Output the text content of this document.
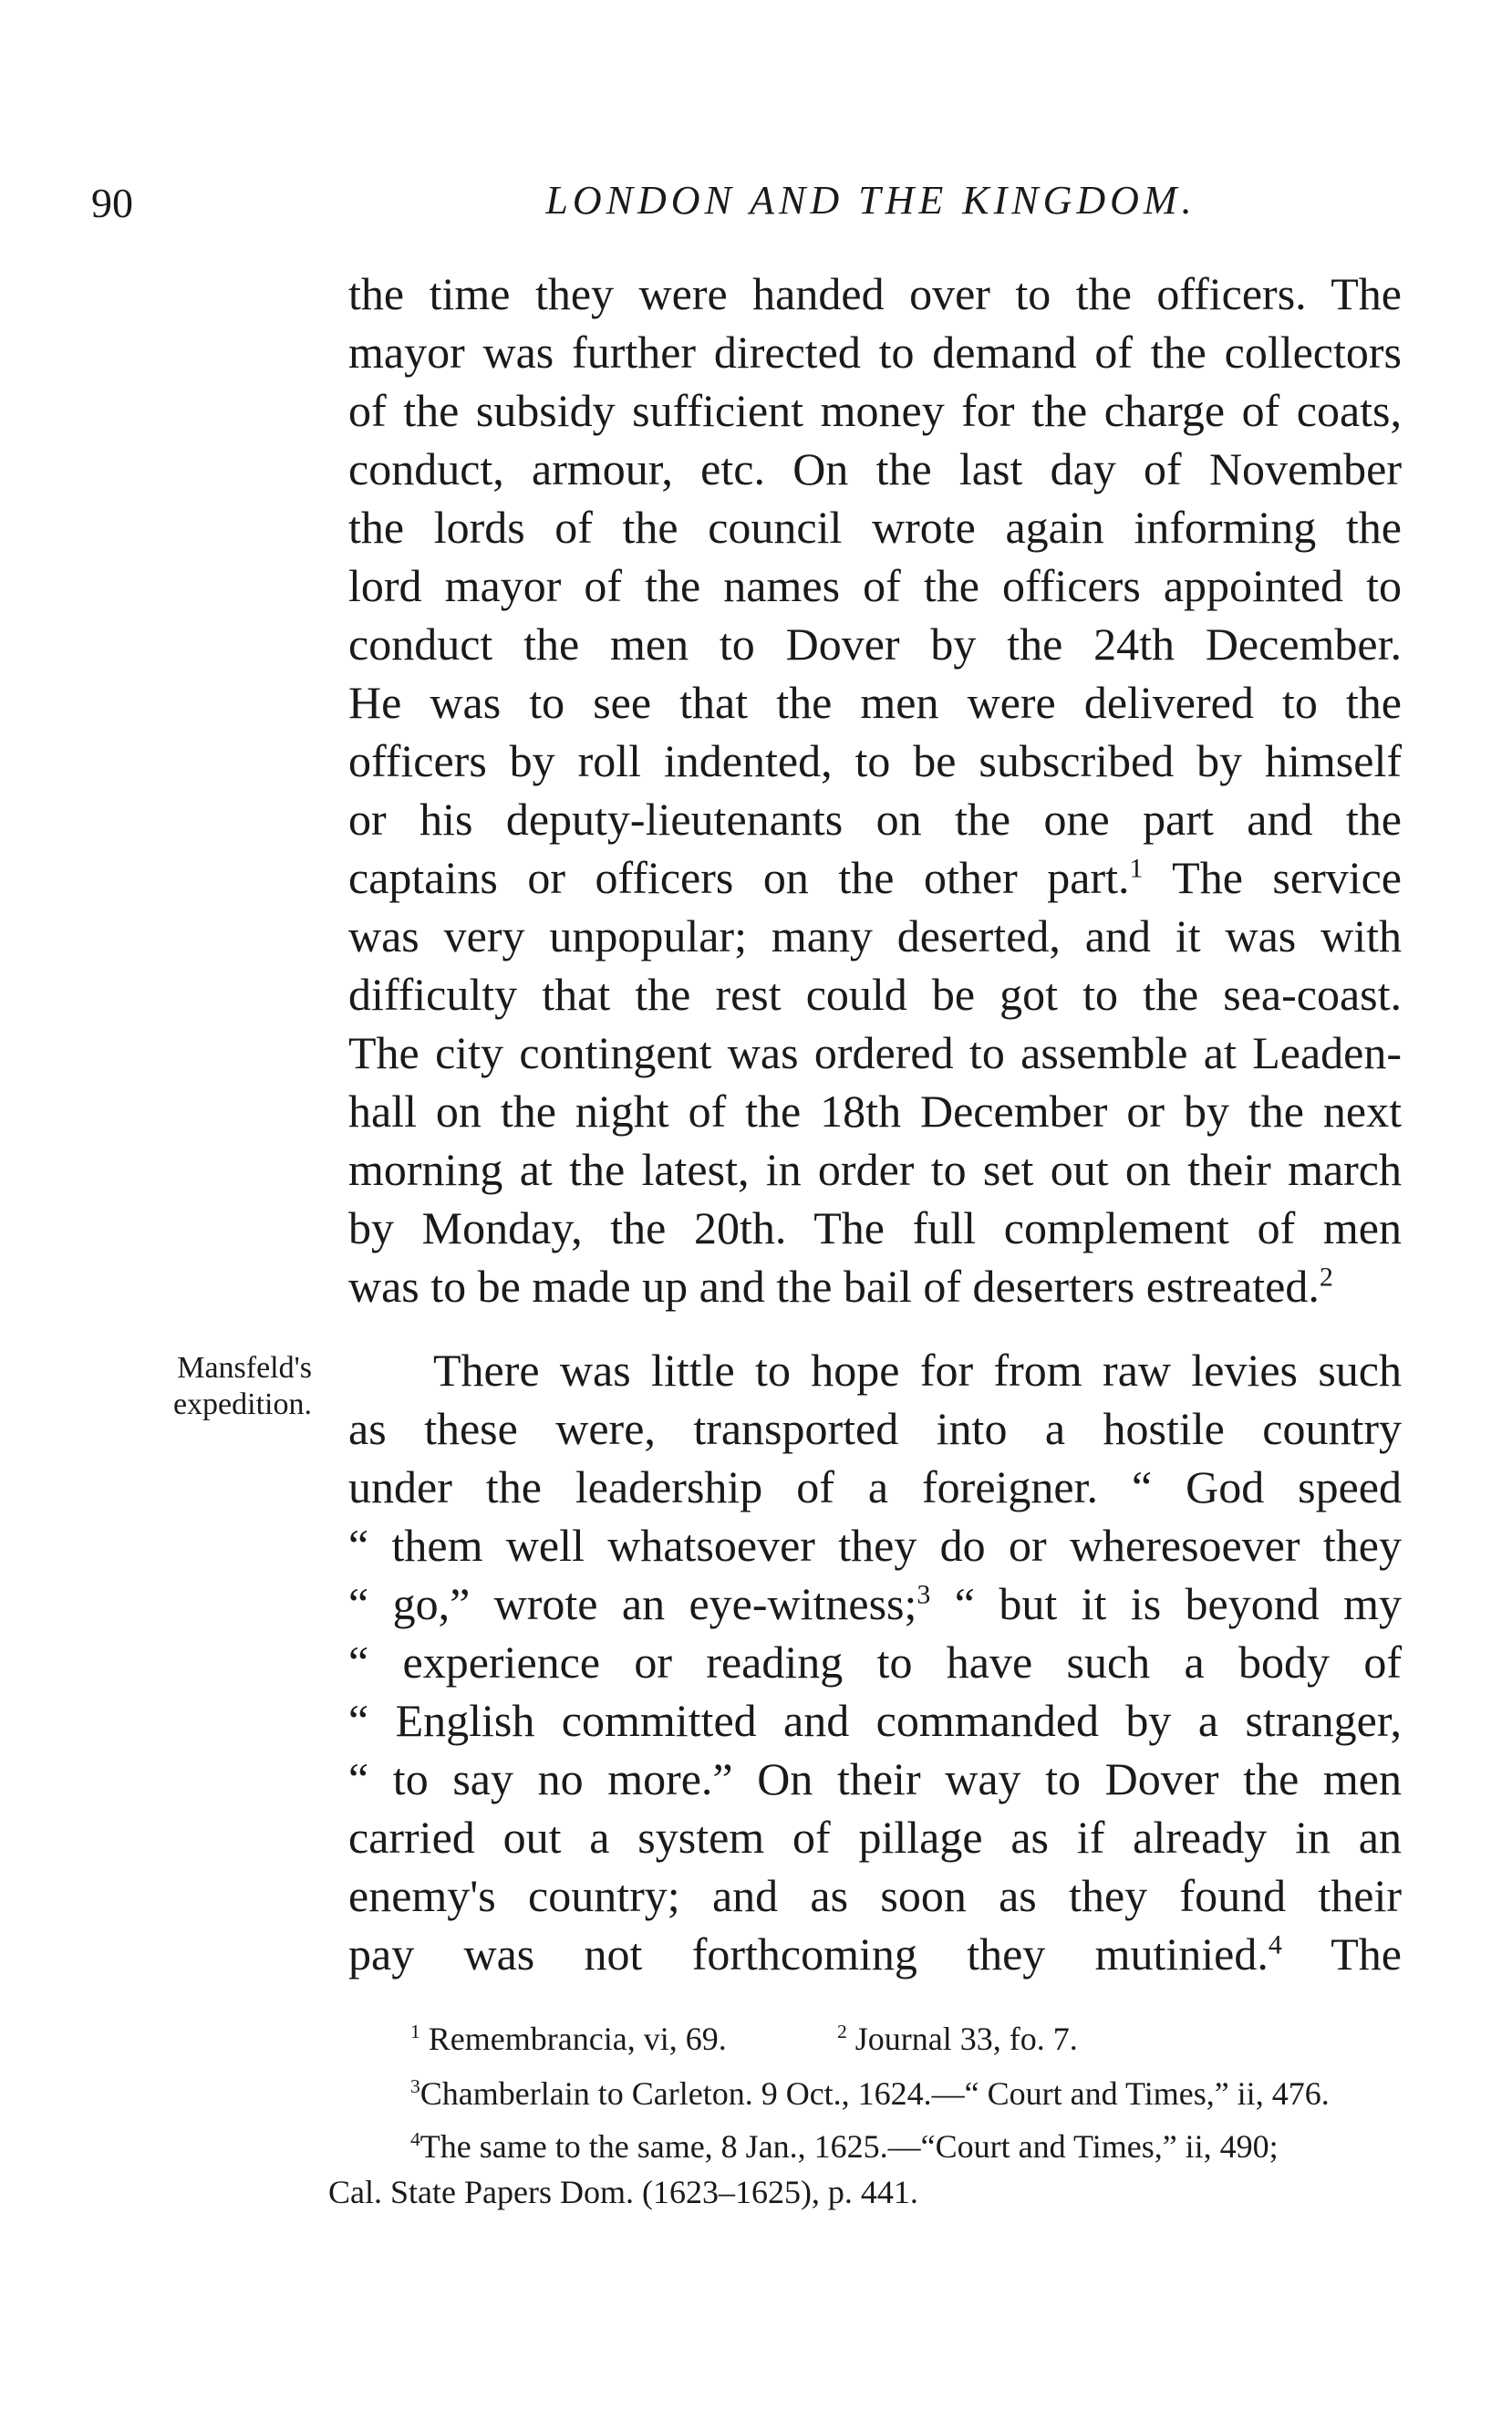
90	LONDON AND THE KINGDOM.
the time they were handed over to the officers. The
mayor was further directed to demand of the collectors
of the subsidy sufficient money for the charge of coats,
conduct, armour, etc. On the last day of November
the lords of the council wrote again informing the
lord mayor of the names of the officers appointed to
conduct the men to Dover by the 24th December.
He was to see that the men were delivered to the
officers by roll indented, to be subscribed by himself
or his deputy-lieutenants on the one part and the
captains or officers on the other part.$^1$ The service
was very unpopular; many deserted, and it was with
difficulty that the rest could be got to the sea-coast.
The city contingent was ordered to assemble at Leaden-
hall on the night of the 18th December or by the next
morning at the latest, in order to set out on their march
by Monday, the 20th. The full complement of men
was to be made up and the bail of deserters estreated.$^2$
Mansfeld's
expedition.
There was little to hope for from raw levies such
as these were, transported into a hostile country
under the leadership of a foreigner. “ God speed
“ them well whatsoever they do or wheresoever they
“ go,” wrote an eye-witness;$^3$ “ but it is beyond my
“ experience or reading to have such a body of
“ English committed and commanded by a stranger,
“ to say no more.” On their way to Dover the men
carried out a system of pillage as if already in an
enemy's country; and as soon as they found their
pay was not forthcoming they mutinied.$^4$ The
$^1$ Remembrancia, vi, 69.	$^2$ Journal 33, fo. 7.
$^3$Chamberlain to Carleton. 9 Oct., 1624.—“ Court and Times,” ii, 476.
$^4$The same to the same, 8 Jan., 1625.—“Court and Times,” ii, 490;
Cal. State Papers Dom. (1623–1625), p. 441.
